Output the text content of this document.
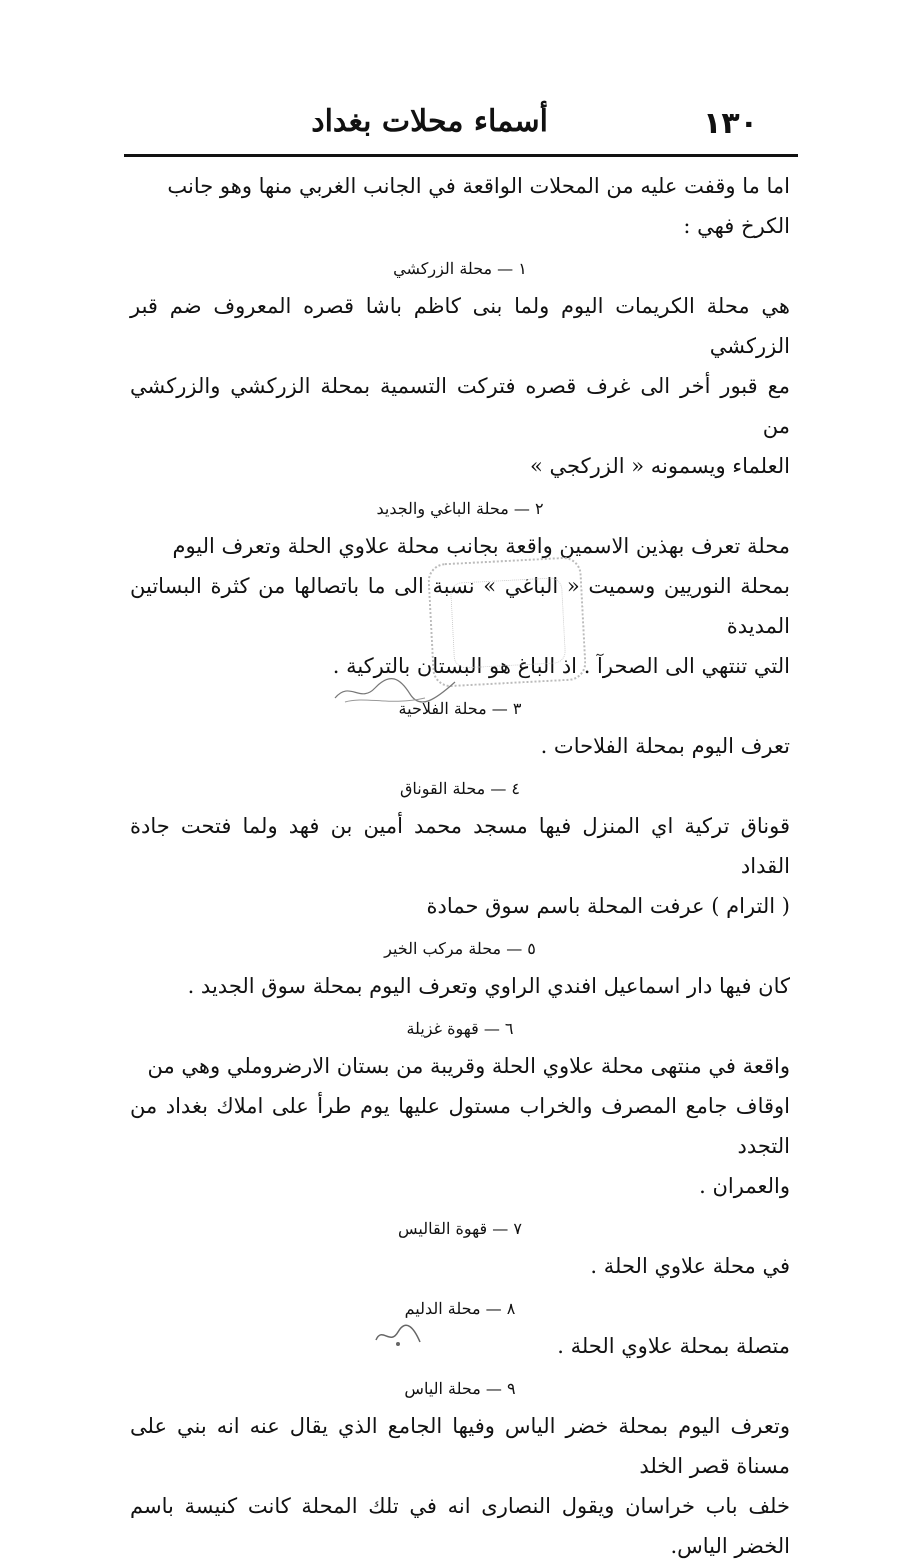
١٣٠
أسماء محلات بغداد

اما ما وقفت عليه من المحلات الواقعة في الجانب الغربي منها وهو جانب

الكرخ فهي :

١ — محلة الزركشي

هي محلة الكريمات اليوم ولما بنى كاظم باشا قصره المعروف ضم قبر الزركشي

مع قبور أخر الى غرف قصره فتركت التسمية بمحلة الزركشي والزركشي من

العلماء ويسمونه « الزركجي »

٢ — محلة الباغي والجديد

محلة تعرف بهذين الاسمين واقعة بجانب محلة علاوي الحلة وتعرف اليوم

بمحلة النوريين وسميت « الباغي » نسبة الى ما باتصالها من كثرة البساتين المديدة

التي تنتهي الى الصحرآ . اذ الباغ هو البستان بالتركية .

٣ — محلة الفلاحية

تعرف اليوم بمحلة الفلاحات .

٤ — محلة القوناق

قوناق تركية اي المنزل فيها مسجد محمد أمين بن فهد ولما فتحت جادة القداد

( الترام ) عرفت المحلة باسم سوق حمادة

٥ — محلة مركب الخير

كان فيها دار اسماعيل افندي الراوي وتعرف اليوم بمحلة سوق الجديد .

٦ — قهوة غزيلة

واقعة في منتهى محلة علاوي الحلة وقريبة من بستان الارضروملي وهي من

اوقاف جامع المصرف والخراب مستول عليها يوم طرأ على املاك بغداد من التجدد

والعمران .

٧ — قهوة القاليس

في محلة علاوي الحلة .

٨ — محلة الدليم

متصلة بمحلة علاوي الحلة .

٩ — محلة الياس

وتعرف اليوم بمحلة خضر الياس وفيها الجامع الذي يقال عنه انه بني على مسناة قصر الخلد

خلف باب خراسان ويقول النصارى انه في تلك المحلة كانت كنيسة باسم الخضر الياس.
